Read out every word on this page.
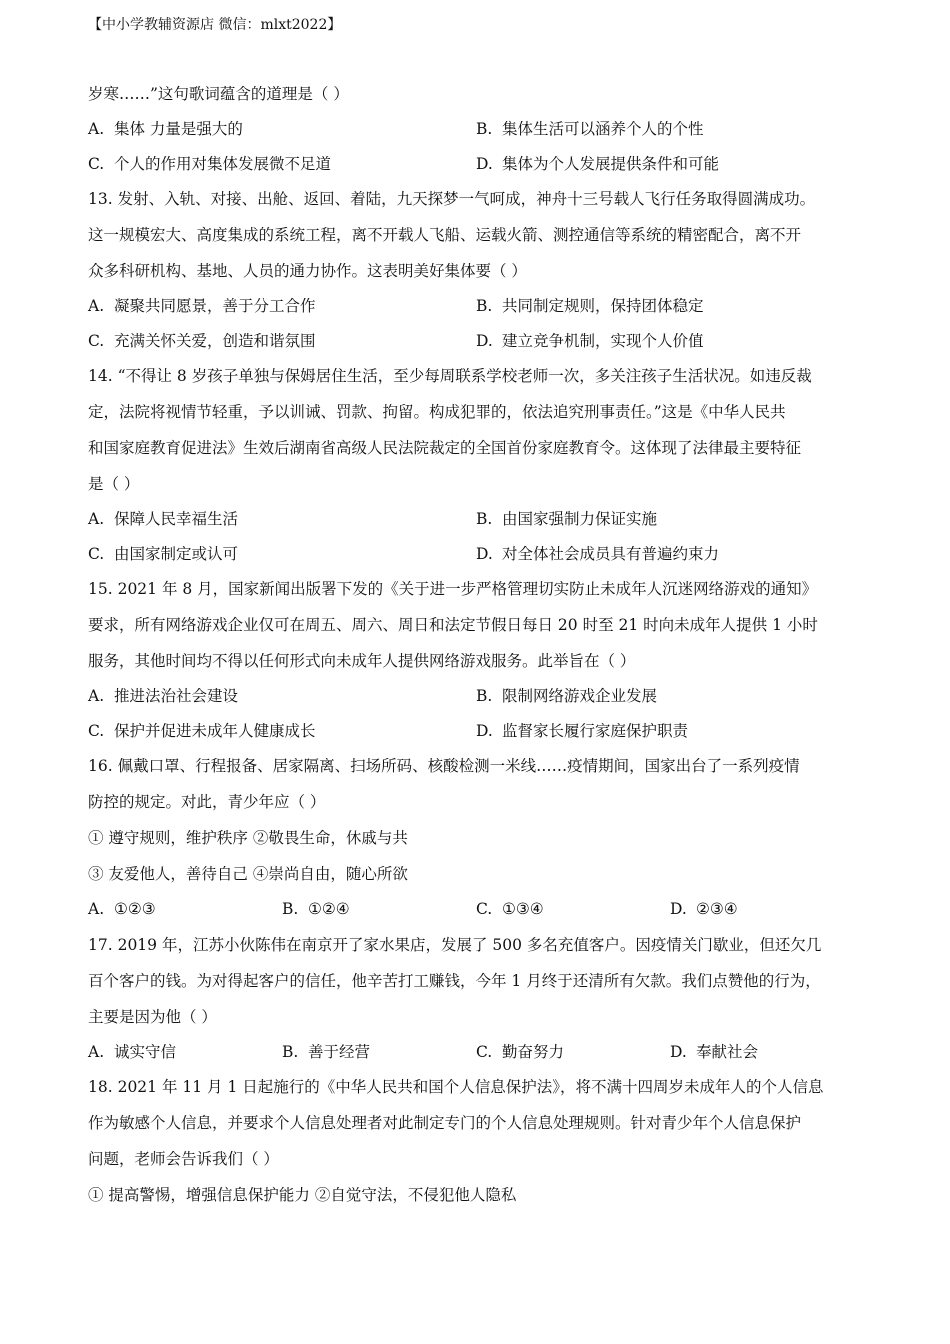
【中小学教辅资源店 微信：mlxt2022】
岁寒……”这句歌词蕴含的道理是（ ）
A. 集体 力量是强大的	B. 集体生活可以涵养个人的个性
C. 个人的作用对集体发展微不足道	D. 集体为个人发展提供条件和可能
13. 发射、入轨、对接、出舱、返回、着陆，九天探梦一气呵成，神舟十三号载人飞行任务取得圆满成功。
这一规模宏大、高度集成的系统工程，离不开载人飞船、运载火箭、测控通信等系统的精密配合，离不开
众多科研机构、基地、人员的通力协作。这表明美好集体要（ ）
A. 凝聚共同愿景，善于分工合作	B. 共同制定规则，保持团体稳定
C. 充满关怀关爱，创造和谐氛围	D. 建立竞争机制，实现个人价值
14. “不得让 8 岁孩子单独与保姆居住生活，至少每周联系学校老师一次，多关注孩子生活状况。如违反裁
定，法院将视情节轻重，予以训诫、罚款、拘留。构成犯罪的，依法追究刑事责任。”这是《中华人民共
和国家庭教育促进法》生效后湖南省高级人民法院裁定的全国首份家庭教育令。这体现了法律最主要特征
是（ ）
A. 保障人民幸福生活	B. 由国家强制力保证实施
C. 由国家制定或认可	D. 对全体社会成员具有普遍约束力
15. 2021 年 8 月，国家新闻出版署下发的《关于进一步严格管理切实防止未成年人沉迷网络游戏的通知》
要求，所有网络游戏企业仅可在周五、周六、周日和法定节假日每日 20 时至 21 时向未成年人提供 1 小时
服务，其他时间均不得以任何形式向未成年人提供网络游戏服务。此举旨在（ ）
A. 推进法治社会建设	B. 限制网络游戏企业发展
C. 保护并促进未成年人健康成长	D. 监督家长履行家庭保护职责
16. 佩戴口罩、行程报备、居家隔离、扫场所码、核酸检测一米线……疫情期间，国家出台了一系列疫情
防控的规定。对此，青少年应（ ）
① 遵守规则，维护秩序 ②敬畏生命，休戚与共
③ 友爱他人，善待自己 ④崇尚自由，随心所欲
A. ①②③	B. ①②④	C. ①③④	D. ②③④
17. 2019 年，江苏小伙陈伟在南京开了家水果店，发展了 500 多名充值客户。因疫情关门歇业，但还欠几
百个客户的钱。为对得起客户的信任，他辛苦打工赚钱，今年 1 月终于还清所有欠款。我们点赞他的行为，
主要是因为他（ ）
A. 诚实守信	B. 善于经营	C. 勤奋努力	D. 奉献社会
18. 2021 年 11 月 1 日起施行的《中华人民共和国个人信息保护法》，将不满十四周岁未成年人的个人信息
作为敏感个人信息，并要求个人信息处理者对此制定专门的个人信息处理规则。针对青少年个人信息保护
问题，老师会告诉我们（ ）
① 提高警惕，增强信息保护能力 ②自觉守法，不侵犯他人隐私
